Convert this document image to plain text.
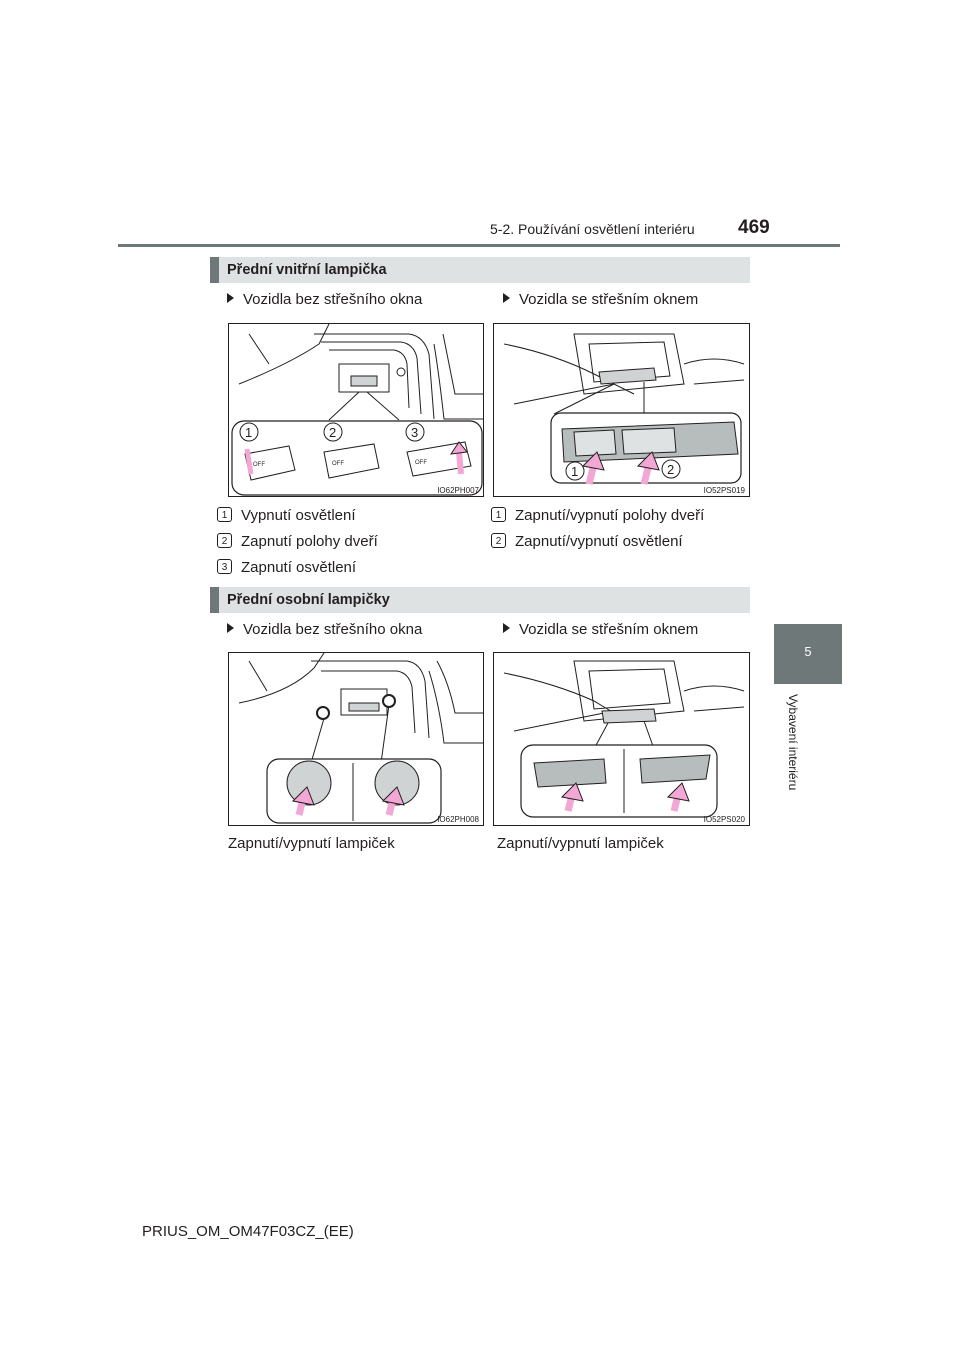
5-2. Používání osvětlení interiéru 469
5
Vybavení interiéru
Přední vnitřní lampička
Vozidla bez střešního okna	Vozidla se střešním oknem
OFF	OFF	OFF
1	2	3
IO62PH007
1	2
IO52PS019
1 Vypnutí osvětlení
2 Zapnutí polohy dveří
3 Zapnutí osvětlení
1 Zapnutí/vypnutí polohy dveří
2 Zapnutí/vypnutí osvětlení
Přední osobní lampičky
Vozidla bez střešního okna	Vozidla se střešním oknem
IO62PH008	IO52PS020
Zapnutí/vypnutí lampiček	Zapnutí/vypnutí lampiček
PRIUS_OM_OM47F03CZ_(EE)
